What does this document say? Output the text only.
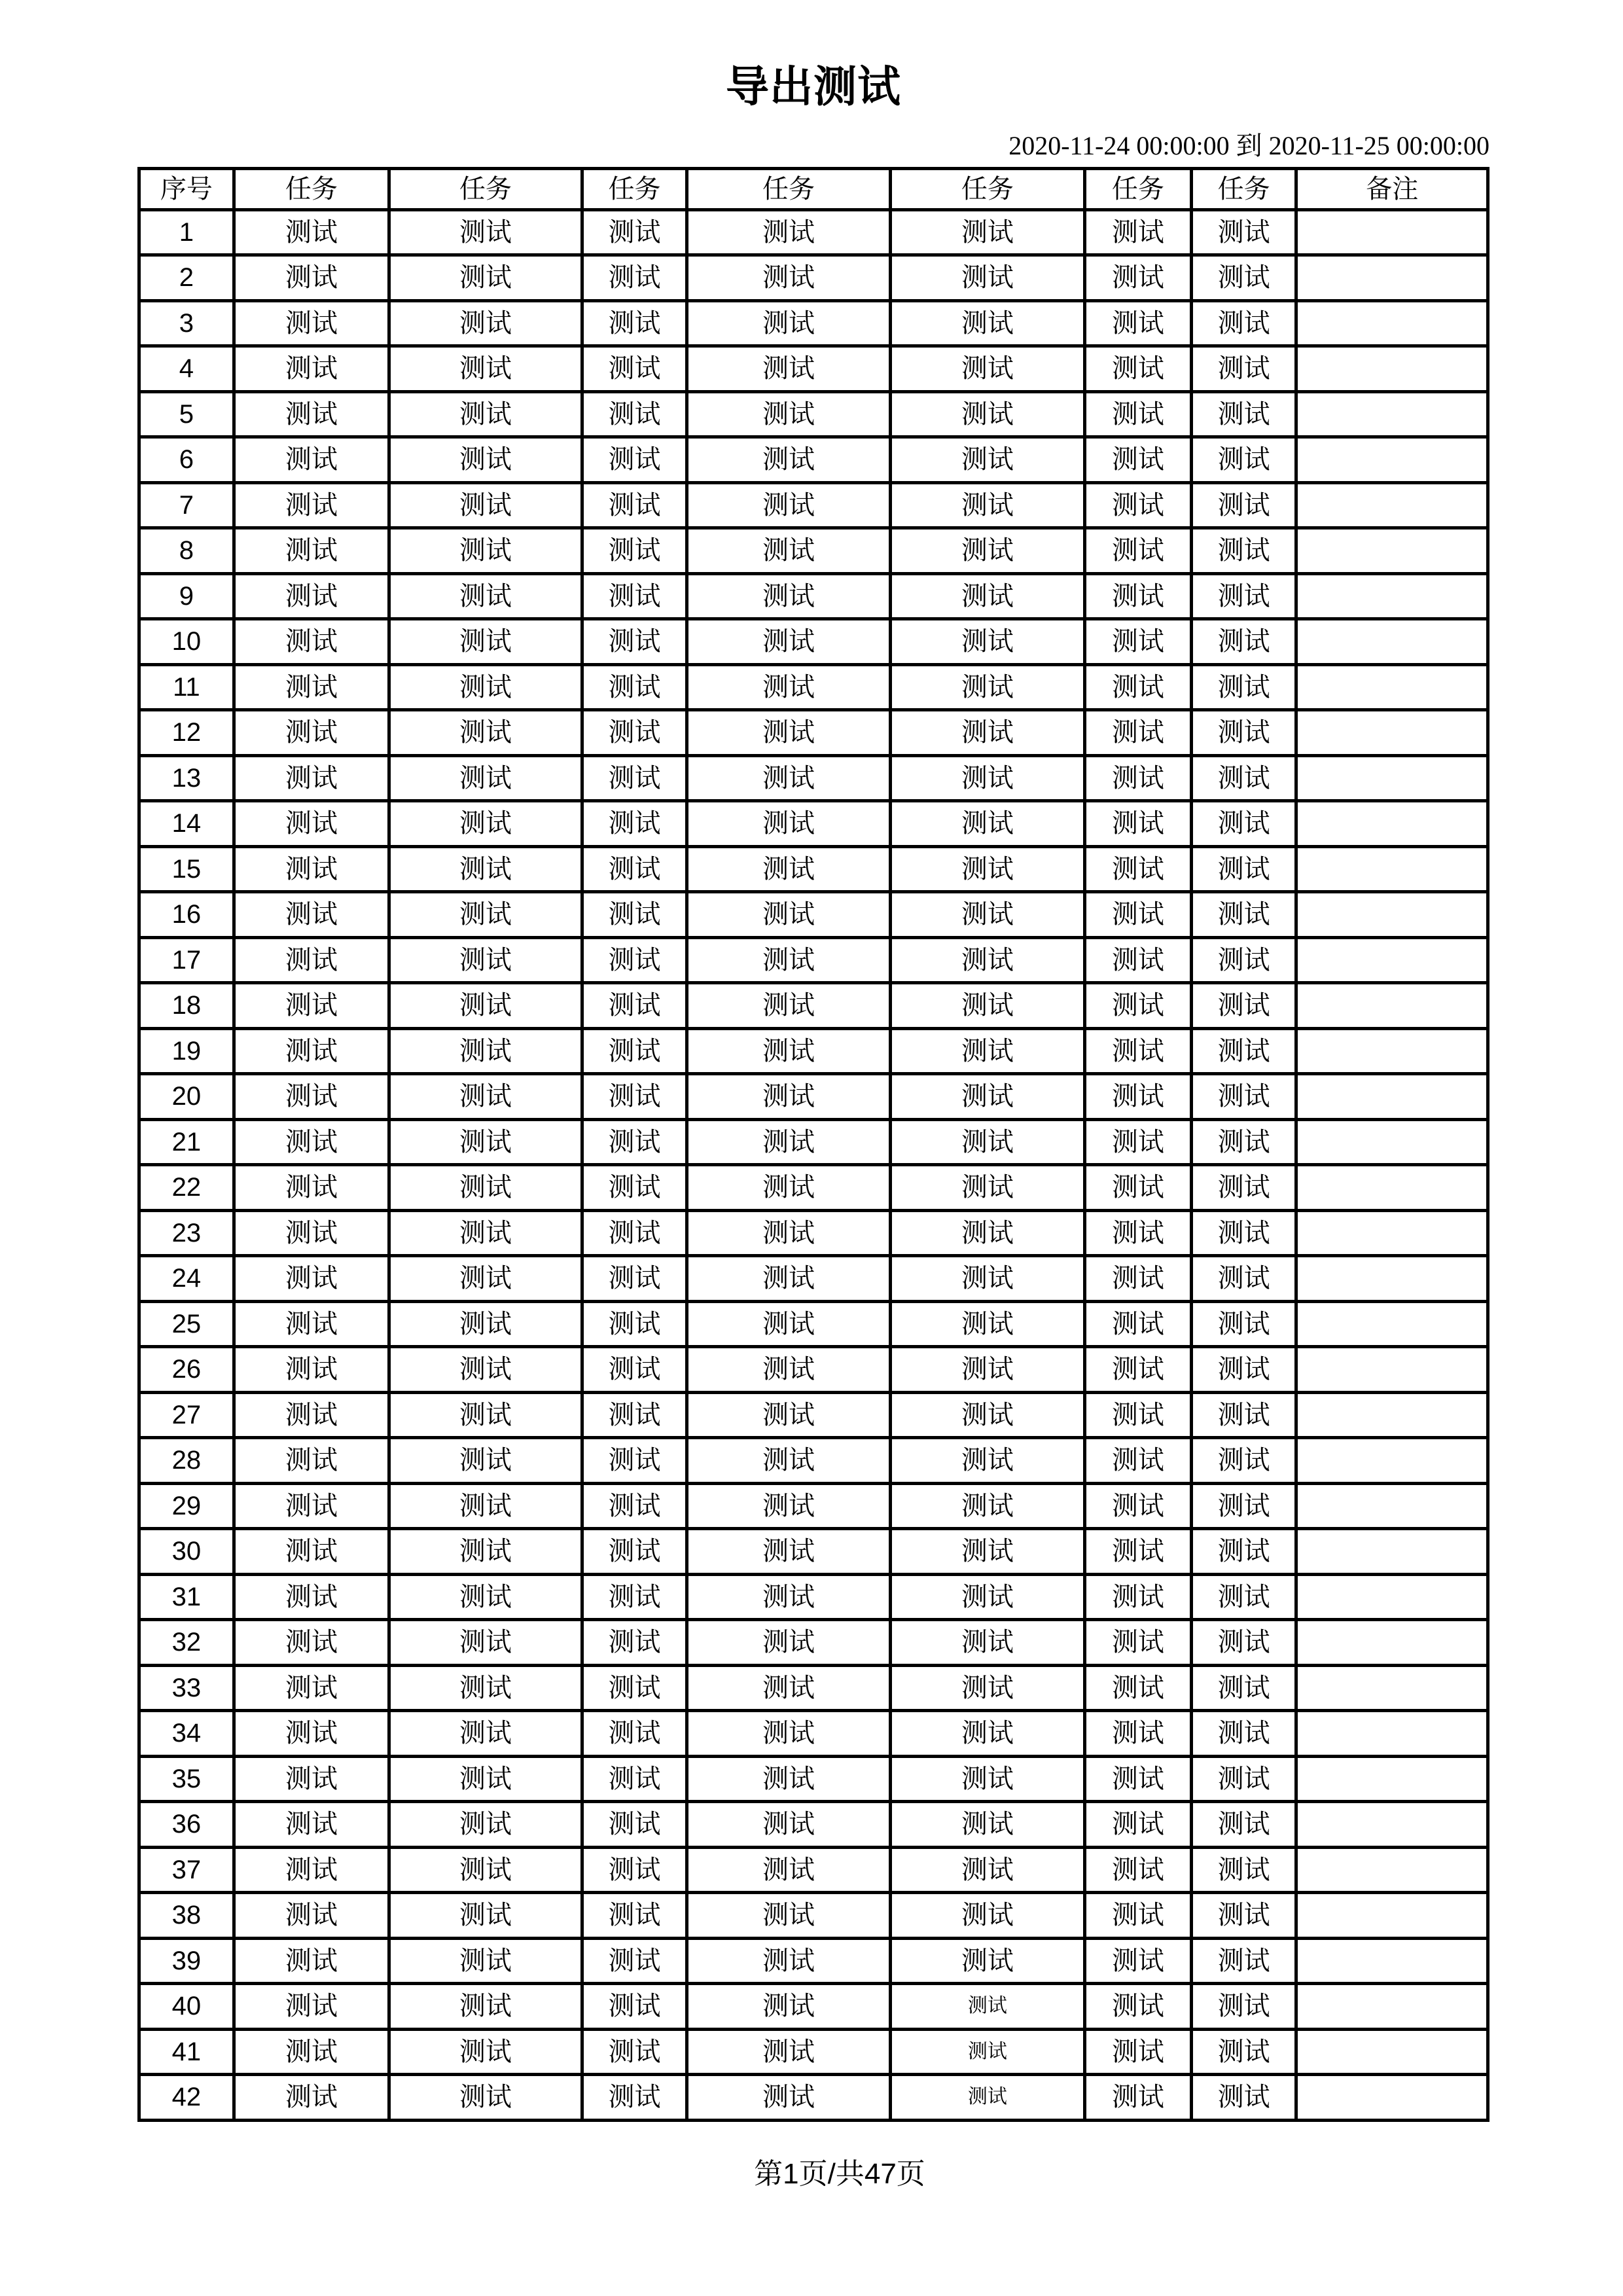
导出测试
2020-11-24 00:00:00 到 2020-11-25 00:00:00
序号	任务	任务	任务	任务	任务	任务	任务	备注
1	测试	测试	测试	测试	测试	测试	测试	
2	测试	测试	测试	测试	测试	测试	测试	
3	测试	测试	测试	测试	测试	测试	测试	
4	测试	测试	测试	测试	测试	测试	测试	
5	测试	测试	测试	测试	测试	测试	测试	
6	测试	测试	测试	测试	测试	测试	测试	
7	测试	测试	测试	测试	测试	测试	测试	
8	测试	测试	测试	测试	测试	测试	测试	
9	测试	测试	测试	测试	测试	测试	测试	
10	测试	测试	测试	测试	测试	测试	测试	
11	测试	测试	测试	测试	测试	测试	测试	
12	测试	测试	测试	测试	测试	测试	测试	
13	测试	测试	测试	测试	测试	测试	测试	
14	测试	测试	测试	测试	测试	测试	测试	
15	测试	测试	测试	测试	测试	测试	测试	
16	测试	测试	测试	测试	测试	测试	测试	
17	测试	测试	测试	测试	测试	测试	测试	
18	测试	测试	测试	测试	测试	测试	测试	
19	测试	测试	测试	测试	测试	测试	测试	
20	测试	测试	测试	测试	测试	测试	测试	
21	测试	测试	测试	测试	测试	测试	测试	
22	测试	测试	测试	测试	测试	测试	测试	
23	测试	测试	测试	测试	测试	测试	测试	
24	测试	测试	测试	测试	测试	测试	测试	
25	测试	测试	测试	测试	测试	测试	测试	
26	测试	测试	测试	测试	测试	测试	测试	
27	测试	测试	测试	测试	测试	测试	测试	
28	测试	测试	测试	测试	测试	测试	测试	
29	测试	测试	测试	测试	测试	测试	测试	
30	测试	测试	测试	测试	测试	测试	测试	
31	测试	测试	测试	测试	测试	测试	测试	
32	测试	测试	测试	测试	测试	测试	测试	
33	测试	测试	测试	测试	测试	测试	测试	
34	测试	测试	测试	测试	测试	测试	测试	
35	测试	测试	测试	测试	测试	测试	测试	
36	测试	测试	测试	测试	测试	测试	测试	
37	测试	测试	测试	测试	测试	测试	测试	
38	测试	测试	测试	测试	测试	测试	测试	
39	测试	测试	测试	测试	测试	测试	测试	
40	测试	测试	测试	测试	测试	测试	测试	
41	测试	测试	测试	测试	测试	测试	测试	
42	测试	测试	测试	测试	测试	测试	测试	
第1页/共47页
